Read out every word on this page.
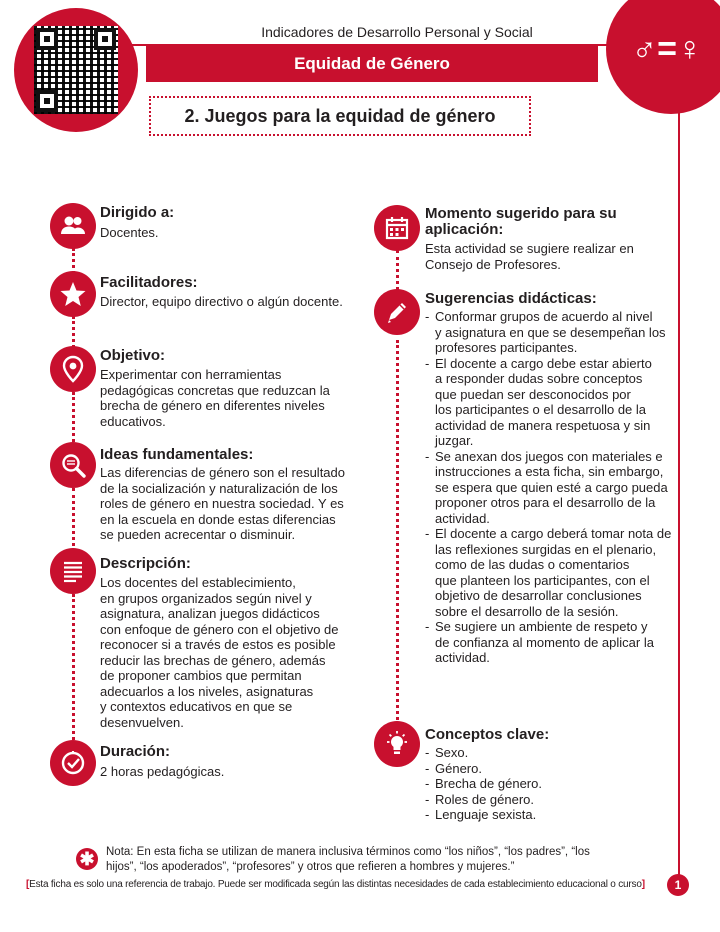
Indicadores de Desarrollo Personal y Social
Equidad de Género	♂=♀
2. Juegos para la equidad de género
Dirigido a:
Docentes.
Facilitadores:
Director, equipo directivo o algún docente.
Objetivo:

Experimentar con herramientas

pedagógicas concretas que reduzcan la

brecha de género en diferentes niveles

educativos.

Ideas fundamentales:

Las diferencias de género son el resultado

de la socialización y naturalización de los

roles de género en nuestra sociedad. Y es

en la escuela en donde estas diferencias

se pueden acrecentar o disminuir.

Descripción:

Los docentes del establecimiento,

en grupos organizados según nivel y

asignatura, analizan juegos didácticos

con enfoque de género con el objetivo de

reconocer si a través de estos es posible

reducir las brechas de género, además

de proponer cambios que permitan

adecuarlos a los niveles, asignaturas

y contextos educativos en que se

desenvuelven.

Duración:
2 horas pedagógicas.
Momento sugerido para su
aplicación:

Esta actividad se sugiere realizar en

Consejo de Profesores.

Sugerencias didácticas:

- Conformar grupos de acuerdo al nivel

y asignatura en que se desempeñan los

profesores participantes.

- El docente a cargo debe estar abierto

a responder dudas sobre conceptos

que puedan ser desconocidos por

los participantes o el desarrollo de la

actividad de manera respetuosa y sin

juzgar.

- Se anexan dos juegos con materiales e

instrucciones a esta ficha, sin embargo,

se espera que quien esté a cargo pueda

proponer otros para el desarrollo de la

actividad.

- El docente a cargo deberá tomar nota de

las reflexiones surgidas en el plenario,

como de las dudas o comentarios

que planteen los participantes, con el

objetivo de desarrollar conclusiones

sobre el desarrollo de la sesión.

- Se sugiere un ambiente de respeto y

de confianza al momento de aplicar la

actividad.

Conceptos clave:
- Sexo.
- Género.
- Brecha de género.
- Roles de género.
- Lenguaje sexista.
✱ Nota: En esta ficha se utilizan de manera inclusiva términos como “los niños”, “los padres”, “los

hijos”, “los apoderados”, “profesores” y otros que refieren a hombres y mujeres.”

[Esta ficha es solo una referencia de trabajo. Puede ser modificada según las distintas necesidades de cada establecimiento educacional o curso]	1
